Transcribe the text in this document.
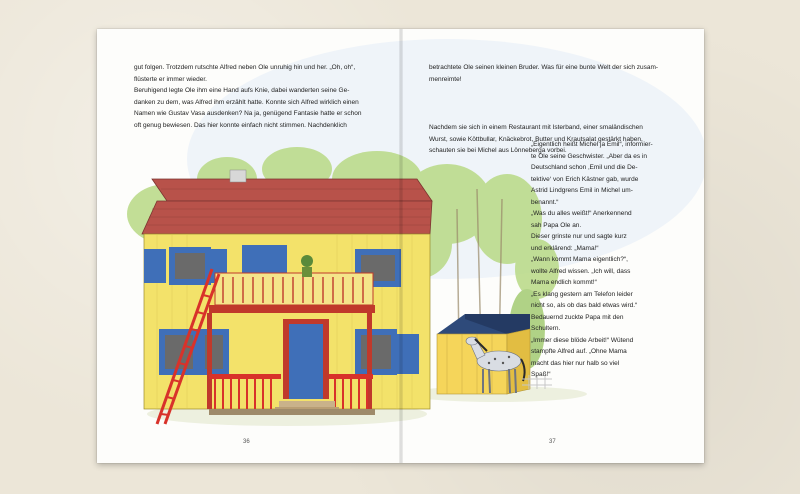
gut folgen. Trotzdem rutschte Alfred neben Ole unruhig hin und her. „Oh, oh“,

flüsterte er immer wieder.

Beruhigend legte Ole ihm eine Hand aufs Knie, dabei wanderten seine Ge-

danken zu dem, was Alfred ihm erzählt hatte. Konnte sich Alfred wirklich einen

Namen wie Gustav Vasa ausdenken? Na ja, genügend Fantasie hatte er schon

oft genug bewiesen. Das hier konnte einfach nicht stimmen. Nachdenklich

betrachtete Ole seinen kleinen Bruder. Was für eine bunte Welt der sich zusam-

menreimte!

Nachdem sie sich in einem Restaurant mit Isterband, einer smaländischen

Wurst, sowie Köttbullar, Knäckebrot, Butter und Krautsalat gestärkt haben,

schauten sie bei Michel aus Lönneberga vorbei.

„Eigentlich heißt Michel ja Emil“, informier-

te Ole seine Geschwister. „Aber da es in

Deutschland schon ‚Emil und die De-

tektive‘ von Erich Kästner gab, wurde

Astrid Lindgrens Emil in Michel um-

benannt.“

„Was du alles weißt!“ Anerkennend

sah Papa Ole an.

Dieser grinste nur und sagte kurz

und erklärend: „Mama!“

„Wann kommt Mama eigentlich?“,

wollte Alfred wissen. „Ich will, dass

Mama endlich kommt!“

„Es klang gestern am Telefon leider

nicht so, als ob das bald etwas wird.“

Bedauernd zuckte Papa mit den

Schultern.

„Immer diese blöde Arbeit!“ Wütend

stampfte Alfred auf. „Ohne Mama

macht das hier nur halb so viel

Spaß!“

36	37
